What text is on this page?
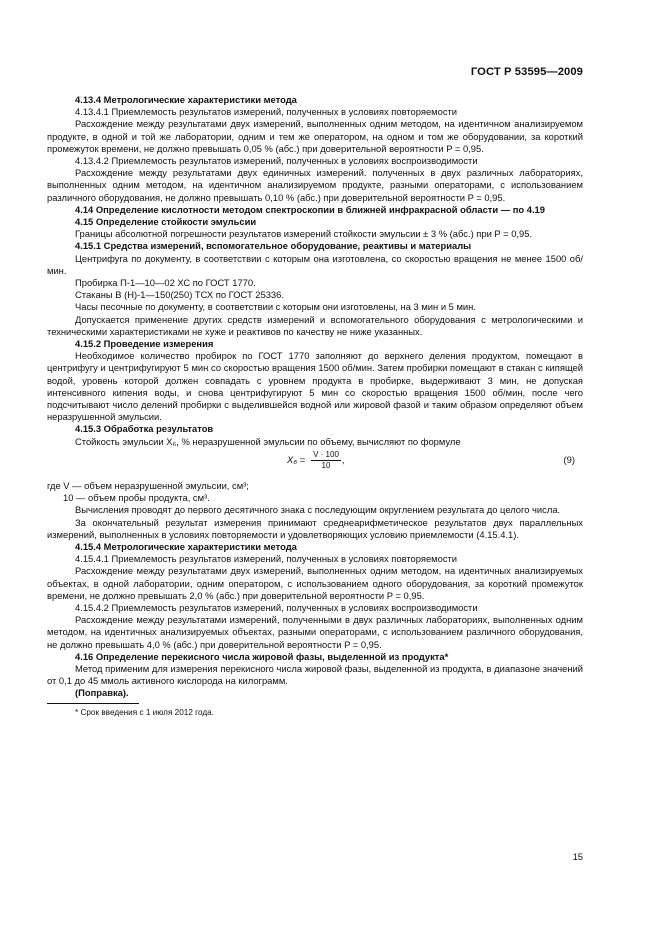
ГОСТ Р 53595—2009

4.13.4 Метрологические характеристики метода

4.13.4.1 Приемлемость результатов измерений, полученных в условиях повторяемости

Расхождение между результатами двух измерений, выполненных одним методом, на идентичном анализируемом продукте, в одной и той же лаборатории, одним и тем же оператором, на одном и том же оборудовании, за короткий промежуток времени, не должно превышать 0,05 % (абс.) при доверительной вероятности P = 0,95.

4.13.4.2 Приемлемость результатов измерений, полученных в условиях воспроизводимости

Расхождение между результатами двух единичных измерений. полученных в двух различных лабораториях, выполненных одним методом, на идентичном анализируемом продукте, разными операторами, с использованием различного оборудования, не должно превышать 0,10 % (абс.) при доверительной вероятности P = 0,95.

4.14 Определение кислотности методом спектроскопии в ближней инфракрасной области — по 4.19

4.15 Определение стойкости эмульсии

Границы абсолютной погрешности результатов измерений стойкости эмульсии ± 3 % (абс.) при P = 0,95.

4.15.1 Средства измерений, вспомогательное оборудование, реактивы и материалы

Центрифуга по документу, в соответствии с которым она изготовлена, со скоростью вращения не менее 1500 об/мин.

Пробирка П-1—10—02 ХС по ГОСТ 1770.

Стаканы В (Н)-1—150(250) ТСХ по ГОСТ 25336.

Часы песочные по документу, в соответствии с которым они изготовлены, на 3 мин и 5 мин.

Допускается применение других средств измерений и вспомогательного оборудования с метрологическими и техническими характеристиками не хуже и реактивов по качеству не ниже указанных.

4.15.2 Проведение измерения

Необходимое количество пробирок по ГОСТ 1770 заполняют до верхнего деления продуктом, помещают в центрифугу и центрифугируют 5 мин со скоростью вращения 1500 об/мин. Затем пробирки помещают в стакан с кипящей водой, уровень которой должен совпадать с уровнем продукта в пробирке, выдерживают 3 мин, не допуская интенсивного кипения воды, и снова центрифугируют 5 мин со скоростью вращения 1500 об/мин, после чего подсчитывают число делений пробирки с выделившейся водной или жировой фазой и таким образом определяют объем неразрушенной эмульсии.

4.15.3 Обработка результатов

Стойкость эмульсии X₆, % неразрушенной эмульсии по объему, вычисляют по формуле

$X_6 = \frac{V \cdot 100}{10}$ ,	(9)

где V — объем неразрушенной эмульсии, см³;

10 — объем пробы продукта, см³.

Вычисления проводят до первого десятичного знака с последующим округлением результата до целого числа.

За окончательный результат измерения принимают среднеарифметическое результатов двух параллельных измерений, выполненных в условиях повторяемости и удовлетворяющих условию приемлемости (4.15.4.1).

4.15.4 Метрологические характеристики метода

4.15.4.1 Приемлемость результатов измерений, полученных в условиях повторяемости

Расхождение между результатами двух измерений, выполненных одним методом, на идентичных анализируемых объектах, в одной лаборатории, одним оператором, с использованием одного оборудования, за короткий промежуток времени, не должно превышать 2,0 % (абс.) при доверительной вероятности P = 0,95.

4.15.4.2 Приемлемость результатов измерений, полученных в условиях воспроизводимости

Расхождение между результатами измерений, полученными в двух различных лабораториях, выполненных одним методом, на идентичных анализируемых объектах, разными операторами, с использованием различного оборудования, не должно превышать 4,0 % (абс.) при доверительной вероятности P = 0,95.

4.16 Определение перекисного числа жировой фазы, выделенной из продукта*

Метод применим для измерения перекисного числа жировой фазы, выделенной из продукта, в диапазоне значений от 0,1 до 45 ммоль активного кислорода на килограмм.

(Поправка).

* Срок введения с 1 июля 2012 года.

15
